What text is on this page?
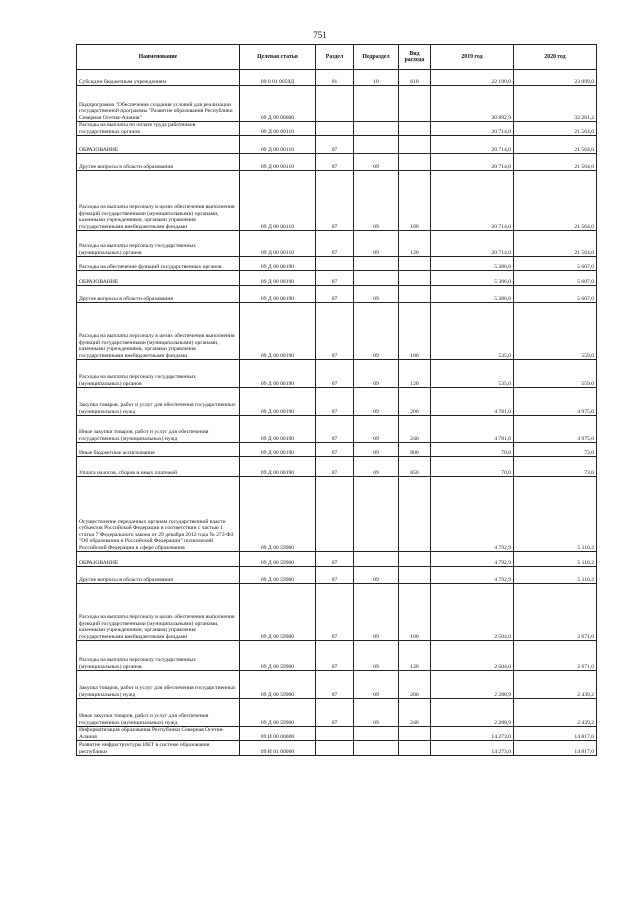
751
Наименование	Целевая статья	Раздел	Подраздел	Вид расхода	2019 год	2020 год
Субсидии бюджетным учреждениям	09 0 01 0059Д	01	10	610	22 190,0	23 099,0
Подпрограмма "Обеспечение создания условий для реализации государственной программы "Развитие образования Республики Северная Осетия-Алания"	09 Д 00 00000				30 892,9	32 281,2
Расходы на выплаты по оплате труда работников государственных органов	09 Д 00 00110				20 714,0	21 564,0
ОБРАЗОВАНИЕ	09 Д 00 00110	07			20 714,0	21 564,0
Другие вопросы в области образования	09 Д 00 00110	07	09		20 714,0	21 564,0
Расходы на выплаты персоналу в целях обеспечения выполнения функций государственными (муниципальными) органами, казенными учреждениями, органами управления государственными внебюджетными фондами	09 Д 00 00110	07	09	100	20 714,0	21 564,0
Расходы на выплаты персоналу государственных (муниципальных) органов	09 Д 00 00110	07	09	120	20 714,0	21 564,0
Расходы на обеспечение функций государственных органов	09 Д 00 00190				5 386,0	5 607,0
ОБРАЗОВАНИЕ	09 Д 00 00190	07			5 386,0	5 607,0
Другие вопросы в области образования	09 Д 00 00190	07	09		5 386,0	5 607,0
Расходы на выплаты персоналу в целях обеспечения выполнения функций государственными (муниципальными) органами, казенными учреждениями, органами управления государственными внебюджетными фондами	09 Д 00 00190	07	09	100	535,0	559,0
Расходы на выплаты персоналу государственных (муниципальных) органов	09 Д 00 00190	07	09	120	535,0	559,0
Закупка товаров, работ и услуг для обеспечения государственных (муниципальных) нужд	09 Д 00 00190	07	09	200	4 781,0	4 975,0
Иные закупки товаров, работ и услуг для обеспечения государственных (муниципальных) нужд	09 Д 00 00190	07	09	240	4 781,0	4 975,0
Иные бюджетные ассигнования	09 Д 00 00190	07	09	800	70,0	73,0
Уплата налогов, сборов и иных платежей	09 Д 00 00190	07	09	850	70,0	73,0
Осуществление переданных органам государственной власти субъектов Российской Федерации в соответствии с частью 1 статьи 7 Федерального закона от 29 декабря 2012 года № 273-ФЗ "Об образовании в Российской Федерации" полномочий Российской Федерации в сфере образования	09 Д 00 59900				4 792,9	5 110,2
ОБРАЗОВАНИЕ	09 Д 00 59900	07			4 792,9	5 110,2
Другие вопросы в области образования	09 Д 00 59900	07	09		4 792,9	5 110,2
Расходы на выплаты персоналу в целях обеспечения выполнения функций государственными (муниципальными) органами, казенными учреждениями, органами управления государственными внебюджетными фондами	09 Д 00 59900	07	09	100	2 504,0	2 671,0
Расходы на выплаты персоналу государственных (муниципальных) органов	09 Д 00 59900	07	09	120	2 504,0	2 671,0
Закупка товаров, работ и услуг для обеспечения государственных (муниципальных) нужд	09 Д 00 59900	07	09	200	2 288,9	2 439,2
Иные закупки товаров, работ и услуг для обеспечения государственных (муниципальных) нужд	09 Д 00 59900	07	09	240	2 288,9	2 439,2
Информатизация образования Республики Северная Осетия-Алания	09 И 00 00000				14 273,0	14 817,0
Развитие инфраструктуры ИКТ в системе образования республики	09 И 01 00000				14 273,0	14 817,0
